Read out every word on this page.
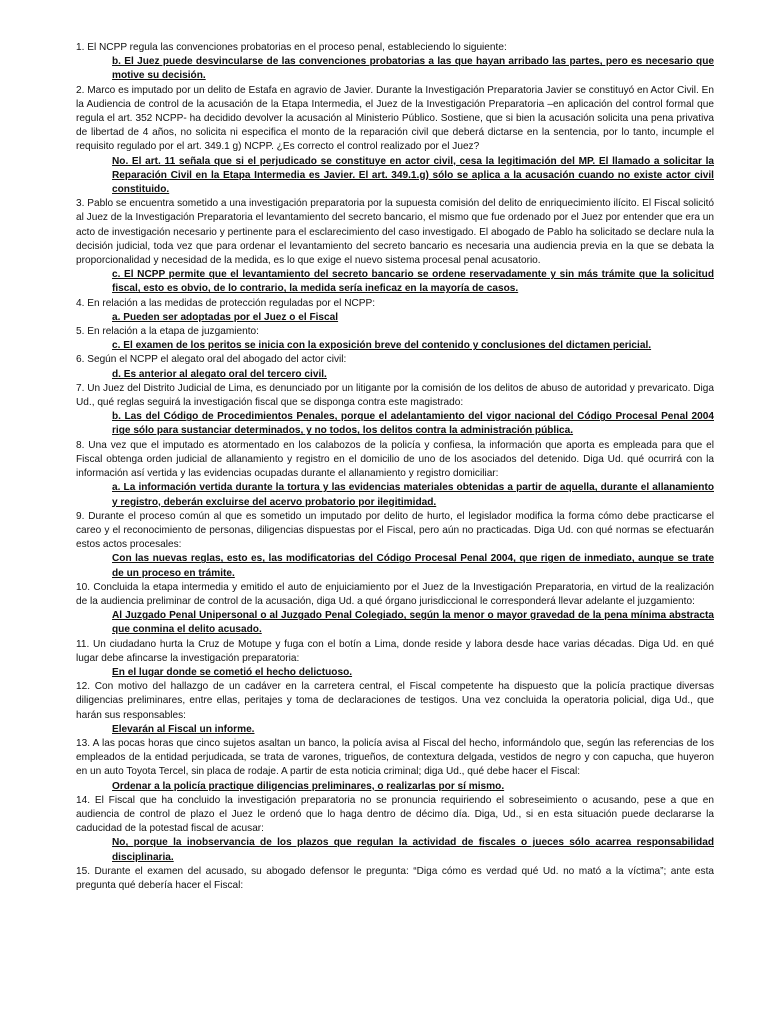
1. El NCPP regula las convenciones probatorias en el proceso penal, estableciendo lo siguiente:

b. El Juez puede desvincularse de las convenciones probatorias a las que hayan arribado las partes, pero es necesario que motive su decisión.

2. Marco es imputado por un delito de Estafa en agravio de Javier. Durante la Investigación Preparatoria Javier se constituyó en Actor Civil. En la Audiencia de control de la acusación de la Etapa Intermedia, el Juez de la Investigación Preparatoria –en aplicación del control formal que regula el art. 352 NCPP- ha decidido devolver la acusación al Ministerio Público. Sostiene, que si bien la acusación solicita una pena privativa de libertad de 4 años, no solicita ni especifica el monto de la reparación civil que deberá dictarse en la sentencia, por lo tanto, incumple el requisito regulado por el art. 349.1 g) NCPP. ¿Es correcto el control realizado por el Juez?

No. El art. 11 señala que si el perjudicado se constituye en actor civil, cesa la legitimación del MP. El llamado a solicitar la Reparación Civil en la Etapa Intermedia es Javier. El art. 349.1.g) sólo se aplica a la acusación cuando no existe actor civil constituido.

3. Pablo se encuentra sometido a una investigación preparatoria por la supuesta comisión del delito de enriquecimiento ilícito. El Fiscal solicitó al Juez de la Investigación Preparatoria el levantamiento del secreto bancario, el mismo que fue ordenado por el Juez por entender que era un acto de investigación necesario y pertinente para el esclarecimiento del caso investigado. El abogado de Pablo ha solicitado se declare nula la decisión judicial, toda vez que para ordenar el levantamiento del secreto bancario es necesaria una audiencia previa en la que se debata la proporcionalidad y necesidad de la medida, es lo que exige el nuevo sistema procesal penal acusatorio.

c. El NCPP permite que el levantamiento del secreto bancario se ordene reservadamente y sin más trámite que la solicitud fiscal, esto es obvio, de lo contrario, la medida sería ineficaz en la mayoría de casos.

4. En relación a las medidas de protección reguladas por el NCPP:

a. Pueden ser adoptadas por el Juez o el Fiscal

5. En relación a la etapa de juzgamiento:

c. El examen de los peritos se inicia con la exposición breve del contenido y conclusiones del dictamen pericial.

6. Según el NCPP el alegato oral del abogado del actor civil:

d. Es anterior al alegato oral del tercero civil.

7. Un Juez del Distrito Judicial de Lima, es denunciado por un litigante por la comisión de los delitos de abuso de autoridad y prevaricato. Diga Ud., qué reglas seguirá la investigación fiscal que se disponga contra este magistrado:

b. Las del Código de Procedimientos Penales, porque el adelantamiento del vigor nacional del Código Procesal Penal 2004 rige sólo para sustanciar determinados, y no todos, los delitos contra la administración pública.

8. Una vez que el imputado es atormentado en los calabozos de la policía y confiesa, la información que aporta es empleada para que el Fiscal obtenga orden judicial de allanamiento y registro en el domicilio de uno de los asociados del detenido. Diga Ud. qué ocurrirá con la información así vertida y las evidencias ocupadas durante el allanamiento y registro domiciliar:

a. La información vertida durante la tortura y las evidencias materiales obtenidas a partir de aquella, durante el allanamiento y registro, deberán excluirse del acervo probatorio por ilegitimidad.

9. Durante el proceso común al que es sometido un imputado por delito de hurto, el legislador modifica la forma cómo debe practicarse el careo y el reconocimiento de personas, diligencias dispuestas por el Fiscal, pero aún no practicadas. Diga Ud. con qué normas se efectuarán estos actos procesales:

Con las nuevas reglas, esto es, las modificatorias del Código Procesal Penal 2004, que rigen de inmediato, aunque se trate de un proceso en trámite.

10. Concluida la etapa intermedia y emitido el auto de enjuiciamiento por el Juez de la Investigación Preparatoria, en virtud de la realización de la audiencia preliminar de control de la acusación, diga Ud. a qué órgano jurisdiccional le corresponderá llevar adelante el juzgamiento:

Al Juzgado Penal Unipersonal o al Juzgado Penal Colegiado, según la menor o mayor gravedad de la pena mínima abstracta que conmina el delito acusado.

11. Un ciudadano hurta la Cruz de Motupe y fuga con el botín a Lima, donde reside y labora desde hace varias décadas. Diga Ud. en qué lugar debe afincarse la investigación preparatoria:

En el lugar donde se cometió el hecho delictuoso.

12. Con motivo del hallazgo de un cadáver en la carretera central, el Fiscal competente ha dispuesto que la policía practique diversas diligencias preliminares, entre ellas, peritajes y toma de declaraciones de testigos. Una vez concluida la operatoria policial, diga Ud., que harán sus responsables:

Elevarán al Fiscal un informe.

13. A las pocas horas que cinco sujetos asaltan un banco, la policía avisa al Fiscal del hecho, informándolo que, según las referencias de los empleados de la entidad perjudicada, se trata de varones, trigueños, de contextura delgada, vestidos de negro y con capucha, que huyeron en un auto Toyota Tercel, sin placa de rodaje. A partir de esta noticia criminal; diga Ud., qué debe hacer el Fiscal:

Ordenar a la policía practique diligencias preliminares, o realizarlas por sí mismo.

14. El Fiscal que ha concluido la investigación preparatoria no se pronuncia requiriendo el sobreseimiento o acusando, pese a que en audiencia de control de plazo el Juez le ordenó que lo haga dentro de décimo día. Diga, Ud., si en esta situación puede declararse la caducidad de la potestad fiscal de acusar:

No, porque la inobservancia de los plazos que regulan la actividad de fiscales o jueces sólo acarrea responsabilidad disciplinaria.

15. Durante el examen del acusado, su abogado defensor le pregunta: “Diga cómo es verdad qué Ud. no mató a la víctima”; ante esta pregunta qué debería hacer el Fiscal:
